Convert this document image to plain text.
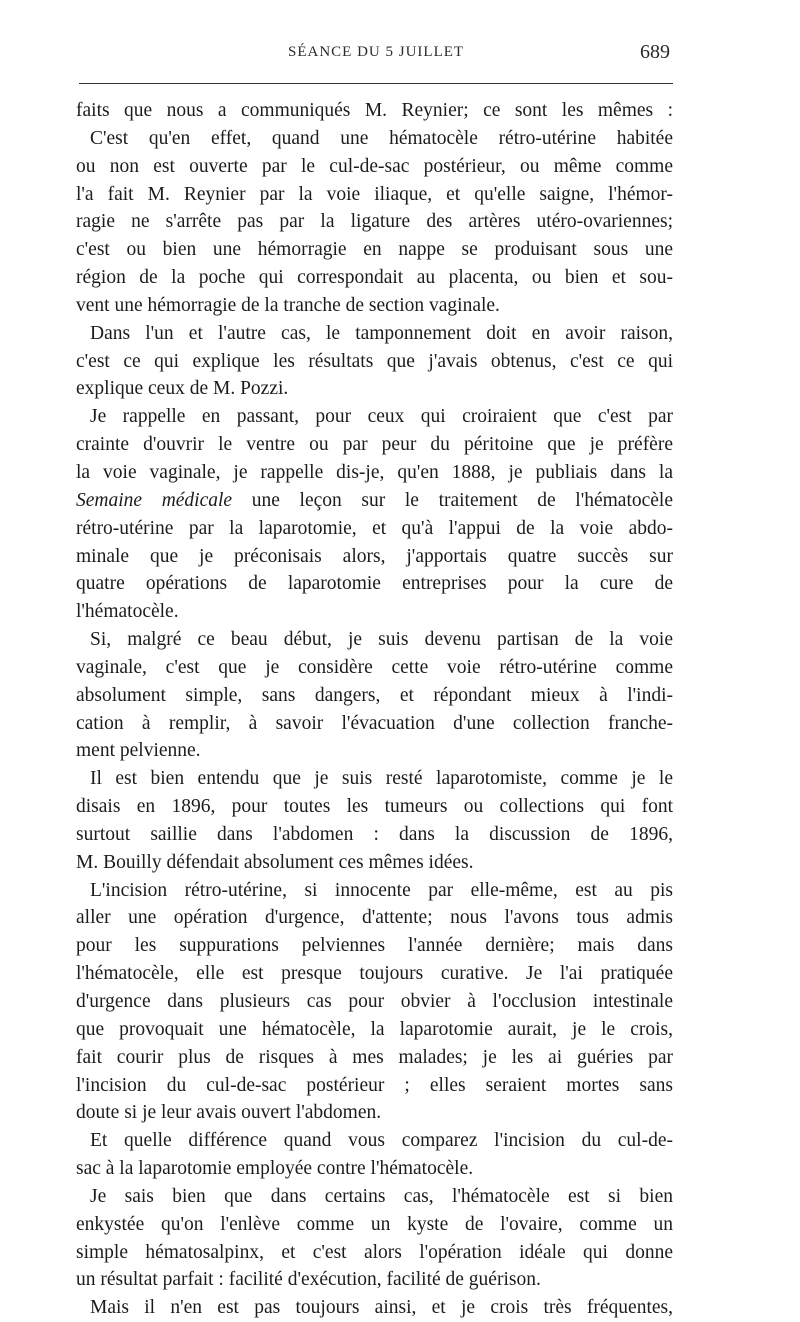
SÉANCE DU 5 JUILLET	689
faits que nous a communiqués M. Reynier; ce sont les mêmes :
C'est qu'en effet, quand une hématocèle rétro-utérine habitée
ou non est ouverte par le cul-de-sac postérieur, ou même comme
l'a fait M. Reynier par la voie iliaque, et qu'elle saigne, l'hémor-
ragie ne s'arrête pas par la ligature des artères utéro-ovariennes;
c'est ou bien une hémorragie en nappe se produisant sous une
région de la poche qui correspondait au placenta, ou bien et sou-
vent une hémorragie de la tranche de section vaginale.
Dans l'un et l'autre cas, le tamponnement doit en avoir raison,
c'est ce qui explique les résultats que j'avais obtenus, c'est ce qui
explique ceux de M. Pozzi.
Je rappelle en passant, pour ceux qui croiraient que c'est par
crainte d'ouvrir le ventre ou par peur du péritoine que je préfère
la voie vaginale, je rappelle dis-je, qu'en 1888, je publiais dans la
Semaine médicale une leçon sur le traitement de l'hématocèle
rétro-utérine par la laparotomie, et qu'à l'appui de la voie abdo-
minale que je préconisais alors, j'apportais quatre succès sur
quatre opérations de laparotomie entreprises pour la cure de
l'hématocèle.
Si, malgré ce beau début, je suis devenu partisan de la voie
vaginale, c'est que je considère cette voie rétro-utérine comme
absolument simple, sans dangers, et répondant mieux à l'indi-
cation à remplir, à savoir l'évacuation d'une collection franche-
ment pelvienne.
Il est bien entendu que je suis resté laparotomiste, comme je le
disais en 1896, pour toutes les tumeurs ou collections qui font
surtout saillie dans l'abdomen : dans la discussion de 1896,
M. Bouilly défendait absolument ces mêmes idées.
L'incision rétro-utérine, si innocente par elle-même, est au pis
aller une opération d'urgence, d'attente; nous l'avons tous admis
pour les suppurations pelviennes l'année dernière; mais dans
l'hématocèle, elle est presque toujours curative. Je l'ai pratiquée
d'urgence dans plusieurs cas pour obvier à l'occlusion intestinale
que provoquait une hématocèle, la laparotomie aurait, je le crois,
fait courir plus de risques à mes malades; je les ai guéries par
l'incision du cul-de-sac postérieur ; elles seraient mortes sans
doute si je leur avais ouvert l'abdomen.
Et quelle différence quand vous comparez l'incision du cul-de-
sac à la laparotomie employée contre l'hématocèle.
Je sais bien que dans certains cas, l'hématocèle est si bien
enkystée qu'on l'enlève comme un kyste de l'ovaire, comme un
simple hématosalpinx, et c'est alors l'opération idéale qui donne
un résultat parfait : facilité d'exécution, facilité de guérison.
Mais il n'en est pas toujours ainsi, et je crois très fréquentes,
